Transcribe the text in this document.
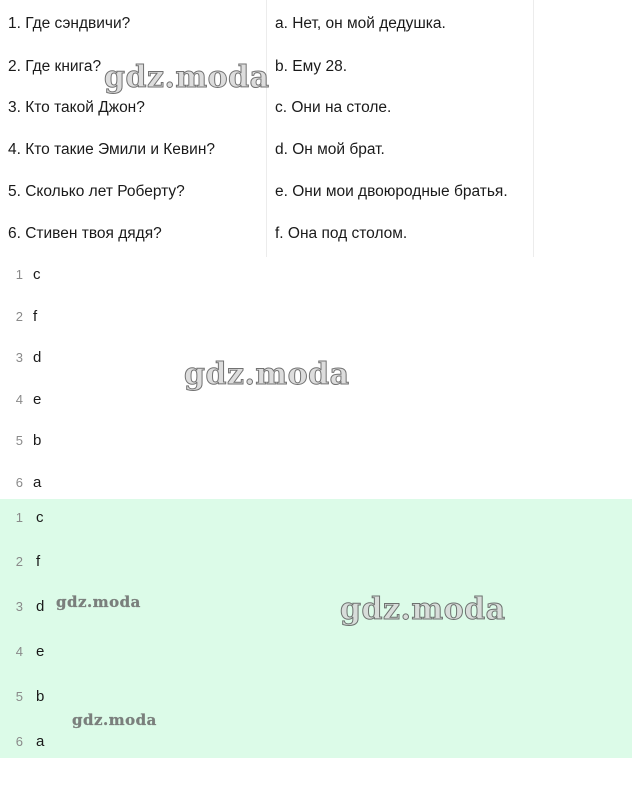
1. Где сэндвичи?
2. Где книга?
3. Кто такой Джон?
4. Кто такие Эмили и Кевин?
5. Сколько лет Роберту?
6. Стивен твоя дядя?
a. Нет, он мой дедушка.
b. Ему 28.
c. Они на столе.
d. Он мой брат.
e. Они мои двоюродные братья.
f. Она под столом.
1 c
2 f
3 d
4 e
5 b
6 a
1 c
2 f
3 d
4 e
5 b
6 a
gdz.moda
gdz.moda
gdz.moda
gdz.moda
gdz.moda
